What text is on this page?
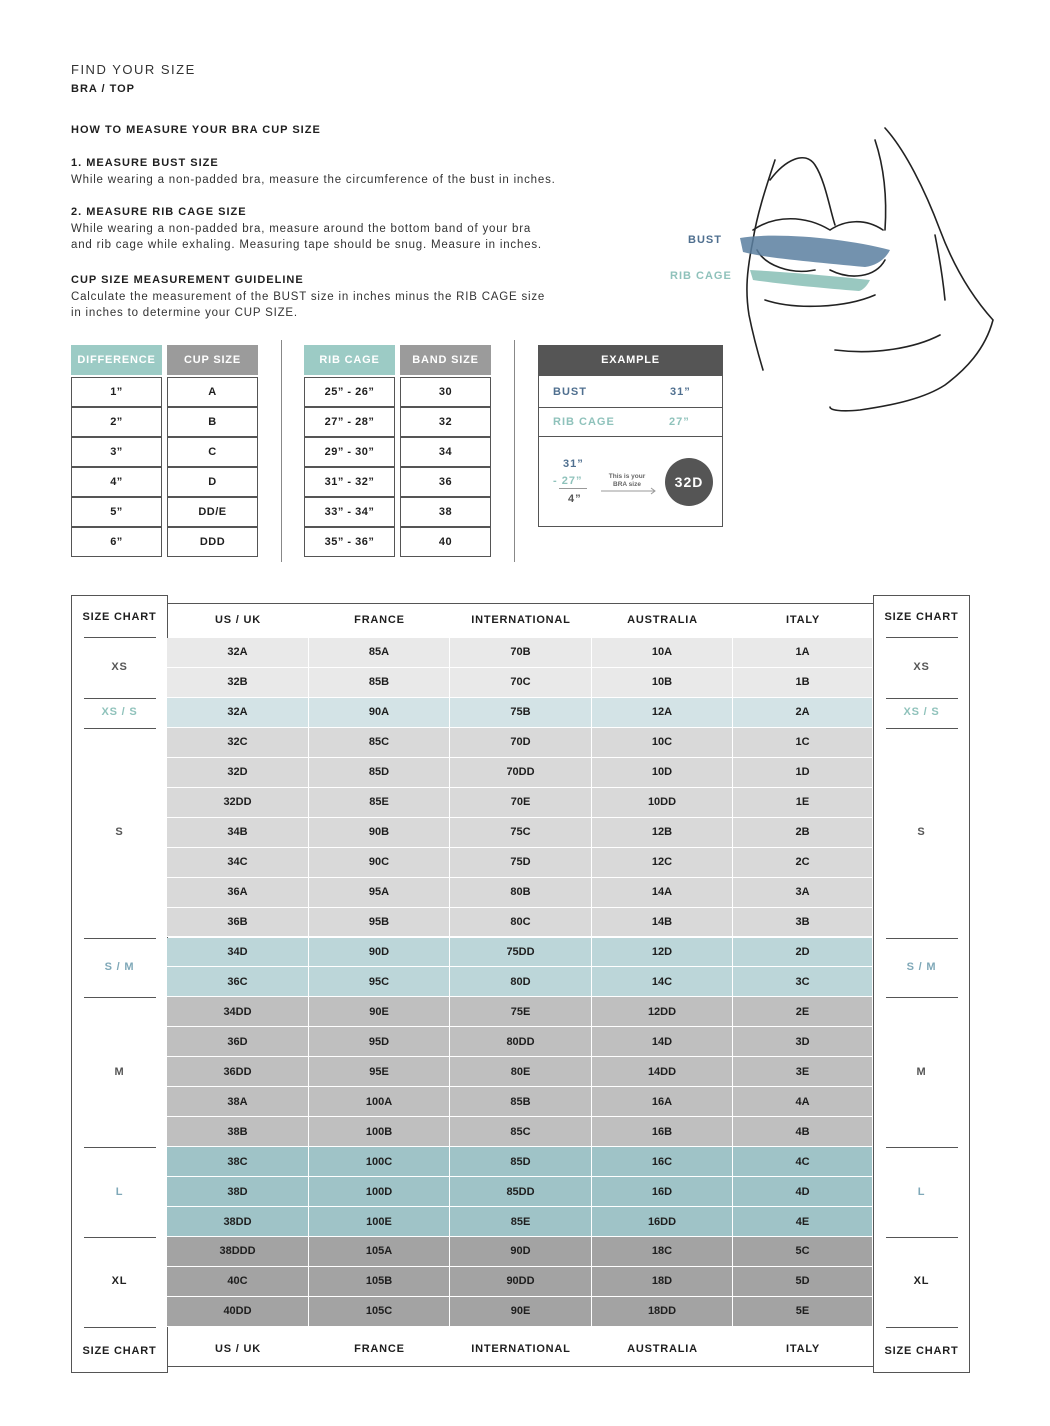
FIND YOUR SIZE
BRA / TOP
HOW TO MEASURE YOUR BRA CUP SIZE
1. MEASURE BUST SIZE
While wearing a non-padded bra, measure the circumference of the bust in inches.
2. MEASURE RIB CAGE SIZE
While wearing a non-padded bra, measure around the bottom band of your bra
and rib cage while exhaling. Measuring tape should be snug. Measure in inches.
CUP SIZE MEASUREMENT GUIDELINE
Calculate the measurement of the BUST size in inches minus the RIB CAGE size
in inches to determine your CUP SIZE.
BUST
RIB CAGE
DIFFERENCE	CUP SIZE
1”	A
2”	B
3”	C
4”	D
5”	DD/E
6”	DDD
RIB CAGE	BAND SIZE
25” - 26”	30
27” - 28”	32
29” - 30”	34
31” - 32”	36
33” - 34”	38
35” - 36”	40
EXAMPLE
BUST	31”
RIB CAGE	27”
31”
- 27”
4”
This is your BRA size	32D
SIZE CHART	SIZE CHART
US / UK	FRANCE	INTERNATIONAL	AUSTRALIA	ITALY
32A	85A	70B	10A	1A
32B	85B	70C	10B	1B
XS	XS
32A	90A	75B	12A	2A
XS / S	XS / S
32C	85C	70D	10C	1C
32D	85D	70DD	10D	1D
32DD	85E	70E	10DD	1E
34B	90B	75C	12B	2B
34C	90C	75D	12C	2C
36A	95A	80B	14A	3A
36B	95B	80C	14B	3B
S	S
34D	90D	75DD	12D	2D
36C	95C	80D	14C	3C
S / M	S / M
34DD	90E	75E	12DD	2E
36D	95D	80DD	14D	3D
36DD	95E	80E	14DD	3E
38A	100A	85B	16A	4A
38B	100B	85C	16B	4B
M	M
38C	100C	85D	16C	4C
38D	100D	85DD	16D	4D
38DD	100E	85E	16DD	4E
L	L
38DDD	105A	90D	18C	5C
40C	105B	90DD	18D	5D
40DD	105C	90E	18DD	5E
XL	XL
SIZE CHART	SIZE CHART
US / UK	FRANCE	INTERNATIONAL	AUSTRALIA	ITALY
